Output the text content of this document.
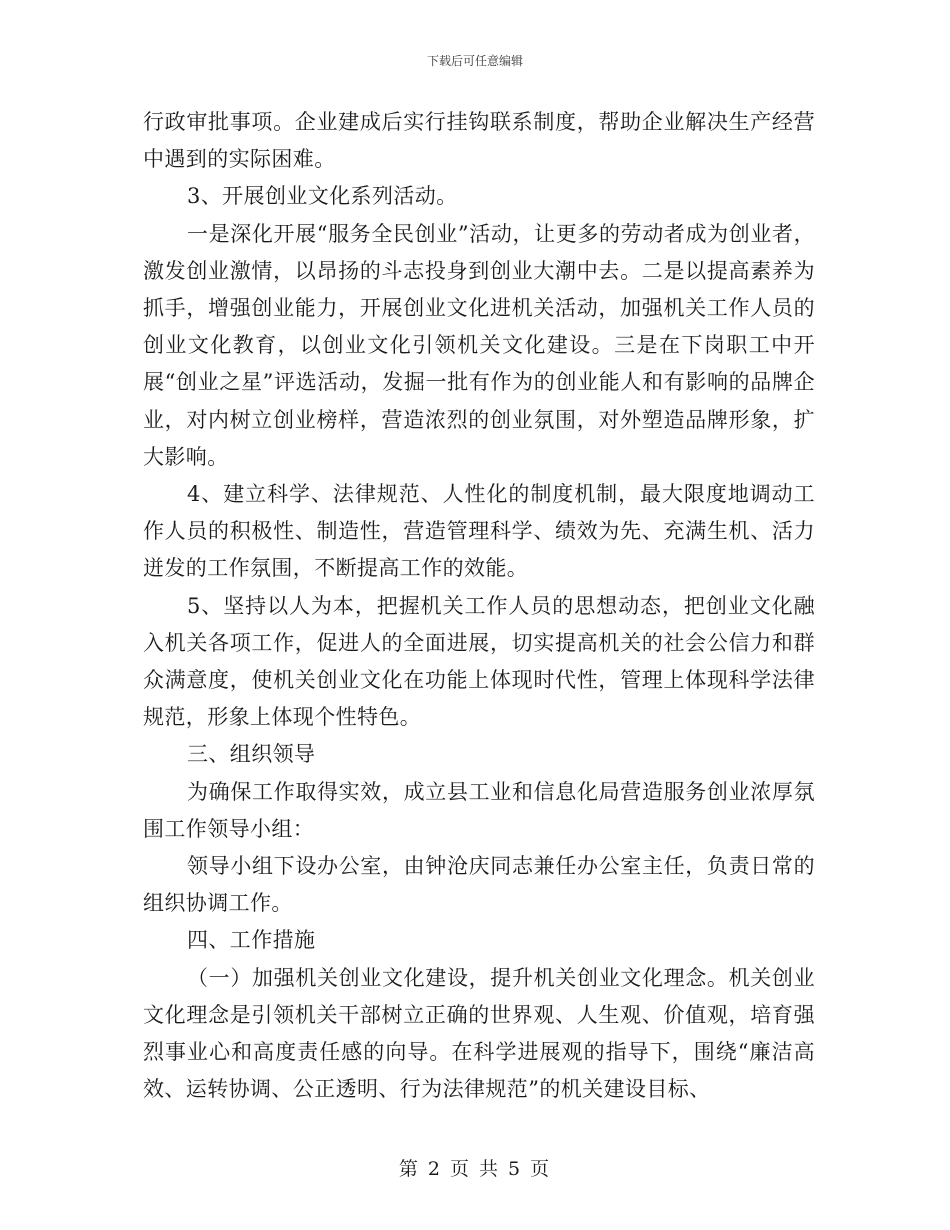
下载后可任意编辑

行政审批事项。企业建成后实行挂钩联系制度，帮助企业解决生产经营中遇到的实际困难。

3、开展创业文化系列活动。

一是深化开展“服务全民创业”活动，让更多的劳动者成为创业者，激发创业激情，以昂扬的斗志投身到创业大潮中去。二是以提高素养为抓手，增强创业能力，开展创业文化进机关活动，加强机关工作人员的创业文化教育，以创业文化引领机关文化建设。三是在下岗职工中开展“创业之星”评选活动，发掘一批有作为的创业能人和有影响的品牌企业，对内树立创业榜样，营造浓烈的创业氛围，对外塑造品牌形象，扩大影响。

4、建立科学、法律规范、人性化的制度机制，最大限度地调动工作人员的积极性、制造性，营造管理科学、绩效为先、充满生机、活力迸发的工作氛围，不断提高工作的效能。

5、坚持以人为本，把握机关工作人员的思想动态，把创业文化融入机关各项工作，促进人的全面进展，切实提高机关的社会公信力和群众满意度，使机关创业文化在功能上体现时代性，管理上体现科学法律规范，形象上体现个性特色。

三、组织领导

为确保工作取得实效，成立县工业和信息化局营造服务创业浓厚氛围工作领导小组：

领导小组下设办公室，由钟沧庆同志兼任办公室主任，负责日常的组织协调工作。

四、工作措施

（一）加强机关创业文化建设，提升机关创业文化理念。机关创业文化理念是引领机关干部树立正确的世界观、人生观、价值观，培育强烈事业心和高度责任感的向导。在科学进展观的指导下，围绕“廉洁高效、运转协调、公正透明、行为法律规范”的机关建设目标、

第 2 页 共 5 页
